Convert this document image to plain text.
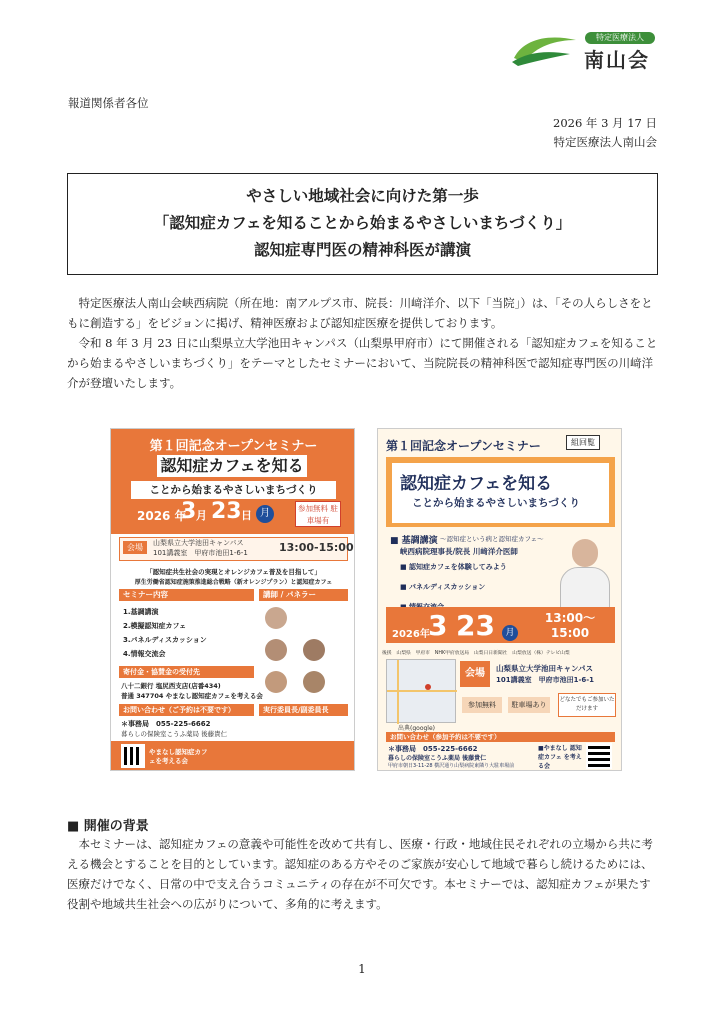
特定医療法人
南山会
報道関係者各位
2026 年 3 月 17 日
特定医療法人南山会
やさしい地域社会に向けた第一歩
「認知症カフェを知ることから始まるやさしいまちづくり」
認知症専門医の精神科医が講演

特定医療法人南山会峡西病院（所在地：南アルプス市、院長：川﨑洋介、以下「当院」）は、「その人らしさをともに創造する」をビジョンに掲げ、精神医療および認知症医療を提供しております。

令和 8 年 3 月 23 日に山梨県立大学池田キャンパス（山梨県甲府市）にて開催される「認知症カフェを知ることから始まるやさしいまちづくり」をテーマとしたセミナーにおいて、当院院長の精神科医で認知症専門医の川﨑洋介が登壇いたします。

第１回記念オープンセミナー
認知症カフェを知る
ことから始まるやさしいまちづくり
2026 年
3 月 23 日 月	参加無料 駐車場有
会場	山梨県立大学池田キャンパス
101講義室　甲府市池田1-6-1	13:00-15:00
「認知症共生社会の実現とオレンジカフェ普及を目指して」
厚生労働省認知症施策推進総合戦略（新オレンジプラン）と認知症カフェ
セミナー内容	講師 / パネラー
1.基調講演
2.模擬認知症カフェ
3.パネルディスカッション
4.情報交流会
寄付金・協賛金の受付先
八十二銀行 塩尻西支店(店番434)
普通 347704 やまなし認知症カフェを考える会
お問い合わせ（ご予約は不要です）	実行委員長/副委員長
＊事務局　055-225-6662
暮らしの保険室こうふ薬局 後藤貴仁
やまなし認知症カフェを考える会
第１回記念オープンセミナー	組回覧
認知症カフェを知る
ことから始まるやさしいまちづくり
■ 基調講演 〜認知症という病と認知症カフェ〜
峡西病院理事長/院長 川﨑洋介医師
■ 認知症カフェを体験してみよう
■ パネルディスカッション
2026年
3 23	月
13:00〜 15:00
後援　山梨県　甲府市　NHK甲府放送局　山梨日日新聞社　山梨放送（株）テレビ山梨
出典(google)
会場	山梨県立大学池田キャンパス
101講義室　甲府市池田1-6-1
参加無料	駐車場あり
どなたでもご参加いただけます
お問い合わせ（参加予約は不要です）
＊事務局　055-225-6662
暮らしの保険室こうふ薬局 後藤貴仁
甲府市朝日3-11-28 横沢通り山梨病院東隣り大駐車場前
■やまなし 認知症カフェ を考える会
■ 開催の背景

本セミナーは、認知症カフェの意義や可能性を改めて共有し、医療・行政・地域住民それぞれの立場から共に考える機会とすることを目的としています。認知症のある方やそのご家族が安心して地域で暮らし続けるためには、医療だけでなく、日常の中で支え合うコミュニティの存在が不可欠です。本セミナーでは、認知症カフェが果たす役割や地域共生社会への広がりについて、多角的に考えます。

1
